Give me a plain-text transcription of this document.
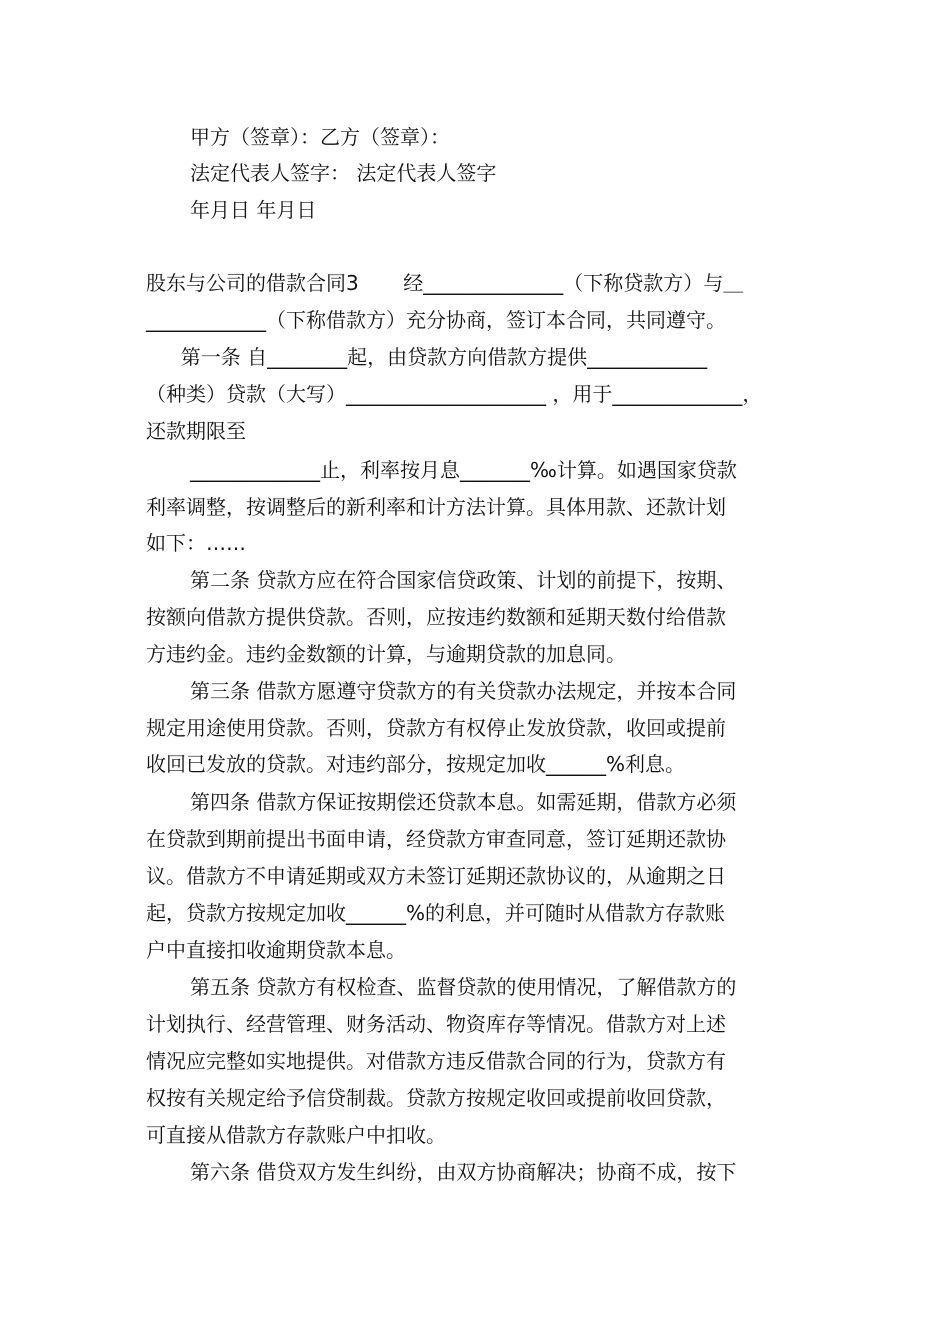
甲方（签章）：乙方（签章）：

法定代表人签字： 法定代表人签字

年月日 年月日

股东与公司的借款合同3       经______________（下称贷款方）与＿

____________（下称借款方）充分协商，签订本合同，共同遵守。

第一条 自________起，由贷款方向借款方提供____________

（种类）贷款（大写）____________________ ，用于_____________，

还款期限至

_____________止，利率按月息_______‰计算。如遇国家贷款

利率调整，按调整后的新利率和计方法计算。具体用款、还款计划

如下：……

第二条 贷款方应在符合国家信贷政策、计划的前提下，按期、

按额向借款方提供贷款。否则，应按违约数额和延期天数付给借款

方违约金。违约金数额的计算，与逾期贷款的加息同。

第三条 借款方愿遵守贷款方的有关贷款办法规定，并按本合同

规定用途使用贷款。否则，贷款方有权停止发放贷款，收回或提前

收回已发放的贷款。对违约部分，按规定加收______%利息。

第四条 借款方保证按期偿还贷款本息。如需延期，借款方必须

在贷款到期前提出书面申请，经贷款方审查同意，签订延期还款协

议。借款方不申请延期或双方未签订延期还款协议的，从逾期之日

起，贷款方按规定加收______%的利息，并可随时从借款方存款账

户中直接扣收逾期贷款本息。

第五条 贷款方有权检查、监督贷款的使用情况，了解借款方的

计划执行、经营管理、财务活动、物资库存等情况。借款方对上述

情况应完整如实地提供。对借款方违反借款合同的行为，贷款方有

权按有关规定给予信贷制裁。贷款方按规定收回或提前收回贷款，

可直接从借款方存款账户中扣收。

第六条 借贷双方发生纠纷，由双方协商解决；协商不成，按下
